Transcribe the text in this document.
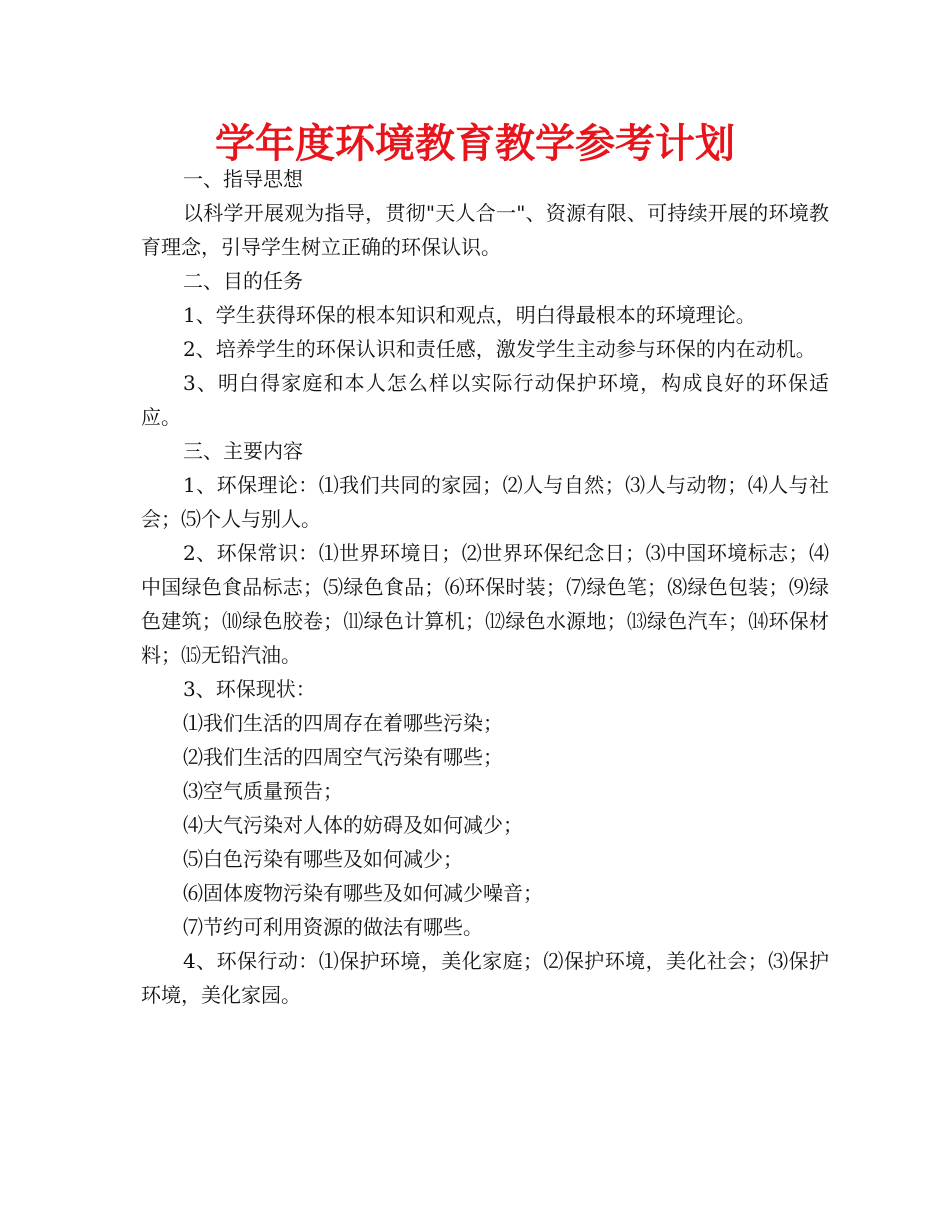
学年度环境教育教学参考计划

一、指导思想

以科学开展观为指导，贯彻"天人合一"、资源有限、可持续开展的环境教育理念，引导学生树立正确的环保认识。

二、目的任务

1、学生获得环保的根本知识和观点，明白得最根本的环境理论。

2、培养学生的环保认识和责任感，激发学生主动参与环保的内在动机。

3、明白得家庭和本人怎么样以实际行动保护环境，构成良好的环保适应。

三、主要内容

1、环保理论：⑴我们共同的家园；⑵人与自然；⑶人与动物；⑷人与社会；⑸个人与别人。

2、环保常识：⑴世界环境日；⑵世界环保纪念日；⑶中国环境标志；⑷中国绿色食品标志；⑸绿色食品；⑹环保时装；⑺绿色笔；⑻绿色包装；⑼绿色建筑；⑽绿色胶卷；⑾绿色计算机；⑿绿色水源地；⒀绿色汽车；⒁环保材料；⒂无铅汽油。

3、环保现状：

⑴我们生活的四周存在着哪些污染；

⑵我们生活的四周空气污染有哪些；

⑶空气质量预告；

⑷大气污染对人体的妨碍及如何减少；

⑸白色污染有哪些及如何减少；

⑹固体废物污染有哪些及如何减少噪音；

⑺节约可利用资源的做法有哪些。

4、环保行动：⑴保护环境，美化家庭；⑵保护环境，美化社会；⑶保护环境，美化家园。
